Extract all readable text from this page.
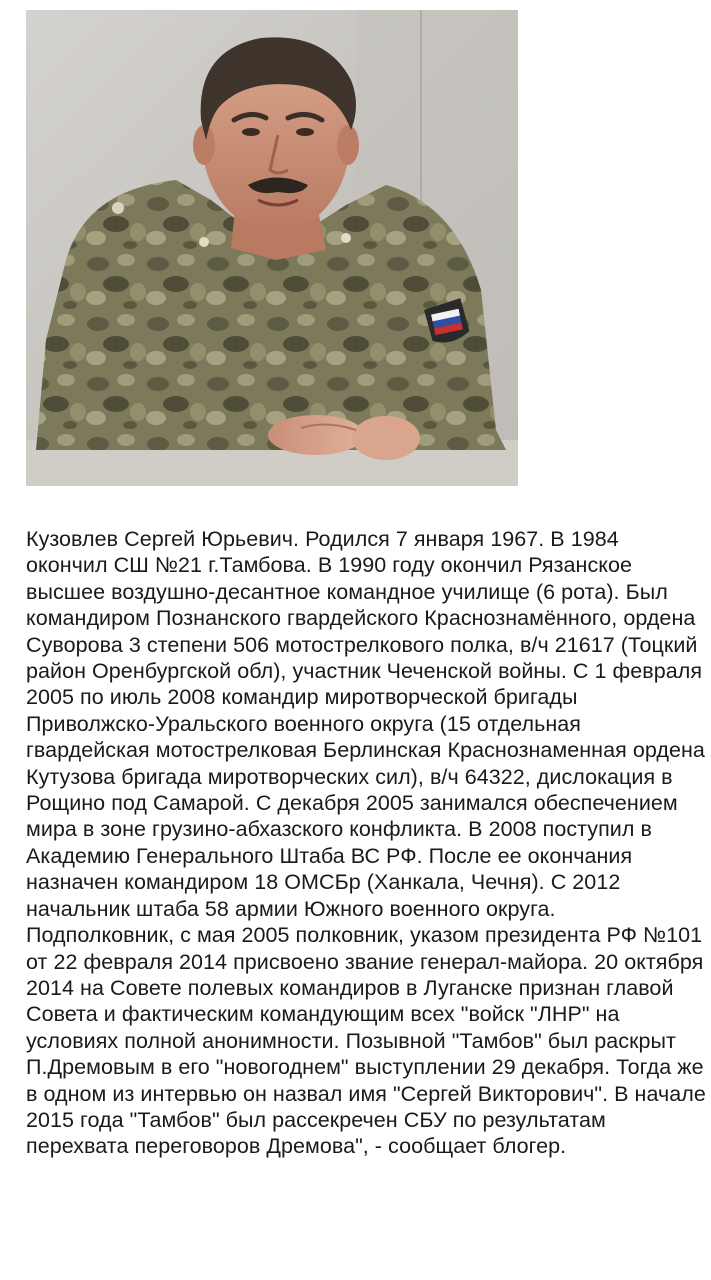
Кузовлев Сергей Юрьевич. Родился 7 января 1967. В 1984 окончил СШ №21 г.Тамбова. В 1990 году окончил Рязанское высшее воздушно-десантное командное училище (6 рота). Был командиром Познанского гвардейского Краснознамённого, ордена Суворова 3 степени 506 мотострелкового полка, в/ч 21617 (Тоцкий район Оренбургской обл), участник Чеченской войны. С 1 февраля 2005 по июль 2008 командир миротворческой бригады Приволжско-Уральского военного округа (15 отдельная гвардейская мотострелковая Берлинская Краснознаменная ордена Кутузова бригада миротворческих сил), в/ч 64322, дислокация в Рощино под Самарой. С декабря 2005 занимался обеспечением мира в зоне грузино-абхазского конфликта. В 2008 поступил в Академию Генерального Штаба ВС РФ. После ее окончания назначен командиром 18 ОМСБр (Ханкала, Чечня). С 2012 начальник штаба 58 армии Южного военного округа. Подполковник, с мая 2005 полковник, указом президента РФ №101 от 22 февраля 2014 присвоено звание генерал-майора. 20 октября 2014 на Совете полевых командиров в Луганске признан главой Совета и фактическим командующим всех "войск "ЛНР" на условиях полной анонимности. Позывной "Тамбов" был раскрыт П.Дремовым в его "новогоднем" выступлении 29 декабря. Тогда же в одном из интервью он назвал имя "Сергей Викторович". В начале 2015 года "Тамбов" был рассекречен СБУ по результатам перехвата переговоров Дремова", - сообщает блогер.
